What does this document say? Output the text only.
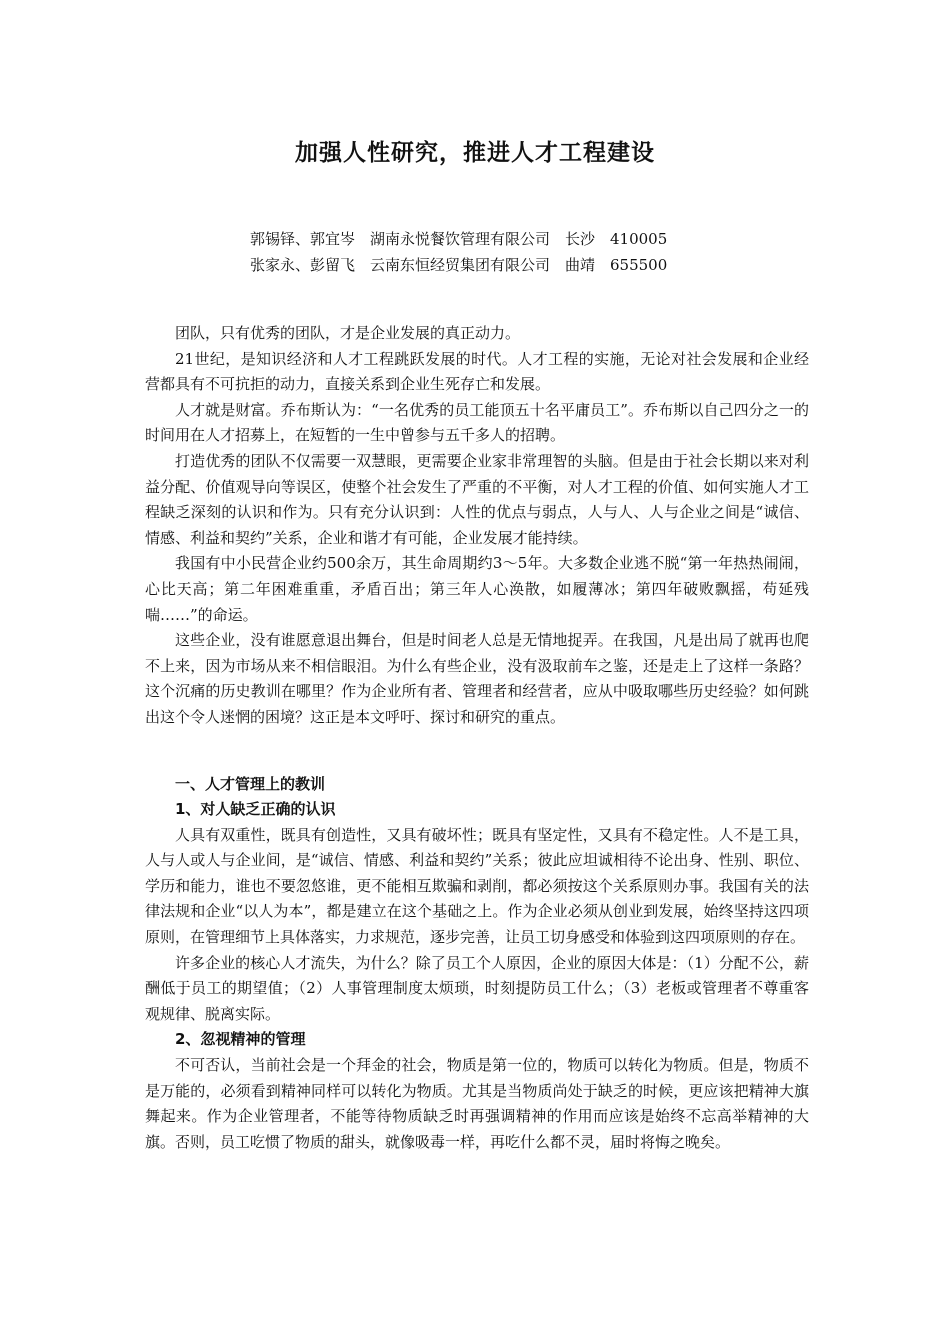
加强人性研究，推进人才工程建设
郭锡铎、郭宜岑　湖南永悦餐饮管理有限公司　长沙　410005
张家永、彭留飞　云南东恒经贸集团有限公司　曲靖　655500

团队，只有优秀的团队，才是企业发展的真正动力。

21世纪，是知识经济和人才工程跳跃发展的时代。人才工程的实施，无论对社会发展和企业经营都具有不可抗拒的动力，直接关系到企业生死存亡和发展。

人才就是财富。乔布斯认为：“一名优秀的员工能顶五十名平庸员工”。乔布斯以自己四分之一的时间用在人才招募上，在短暂的一生中曾参与五千多人的招聘。

打造优秀的团队不仅需要一双慧眼，更需要企业家非常理智的头脑。但是由于社会长期以来对利益分配、价值观导向等误区，使整个社会发生了严重的不平衡，对人才工程的价值、如何实施人才工程缺乏深刻的认识和作为。只有充分认识到：人性的优点与弱点，人与人、人与企业之间是“诚信、情感、利益和契约”关系，企业和谐才有可能，企业发展才能持续。

我国有中小民营企业约500余万，其生命周期约3～5年。大多数企业逃不脱“第一年热热闹闹，心比天高；第二年困难重重，矛盾百出；第三年人心涣散，如履薄冰；第四年破败飘摇，苟延残喘……”的命运。

这些企业，没有谁愿意退出舞台，但是时间老人总是无情地捉弄。在我国，凡是出局了就再也爬不上来，因为市场从来不相信眼泪。为什么有些企业，没有汲取前车之鉴，还是走上了这样一条路？这个沉痛的历史教训在哪里？作为企业所有者、管理者和经营者，应从中吸取哪些历史经验？如何跳出这个令人迷惘的困境？这正是本文呼吁、探讨和研究的重点。

一、人才管理上的教训
1、对人缺乏正确的认识

人具有双重性，既具有创造性，又具有破坏性；既具有坚定性，又具有不稳定性。人不是工具，人与人或人与企业间，是“诚信、情感、利益和契约”关系；彼此应坦诚相待不论出身、性别、职位、学历和能力，谁也不要忽悠谁，更不能相互欺骗和剥削，都必须按这个关系原则办事。我国有关的法律法规和企业“以人为本”，都是建立在这个基础之上。作为企业必须从创业到发展，始终坚持这四项原则，在管理细节上具体落实，力求规范，逐步完善，让员工切身感受和体验到这四项原则的存在。

许多企业的核心人才流失，为什么？除了员工个人原因，企业的原因大体是：（1）分配不公，薪酬低于员工的期望值；（2）人事管理制度太烦琐，时刻提防员工什么；（3）老板或管理者不尊重客观规律、脱离实际。

2、忽视精神的管理

不可否认，当前社会是一个拜金的社会，物质是第一位的，物质可以转化为物质。但是，物质不是万能的，必须看到精神同样可以转化为物质。尤其是当物质尚处于缺乏的时候，更应该把精神大旗舞起来。作为企业管理者，不能等待物质缺乏时再强调精神的作用而应该是始终不忘高举精神的大旗。否则，员工吃惯了物质的甜头，就像吸毒一样，再吃什么都不灵，届时将悔之晚矣。
